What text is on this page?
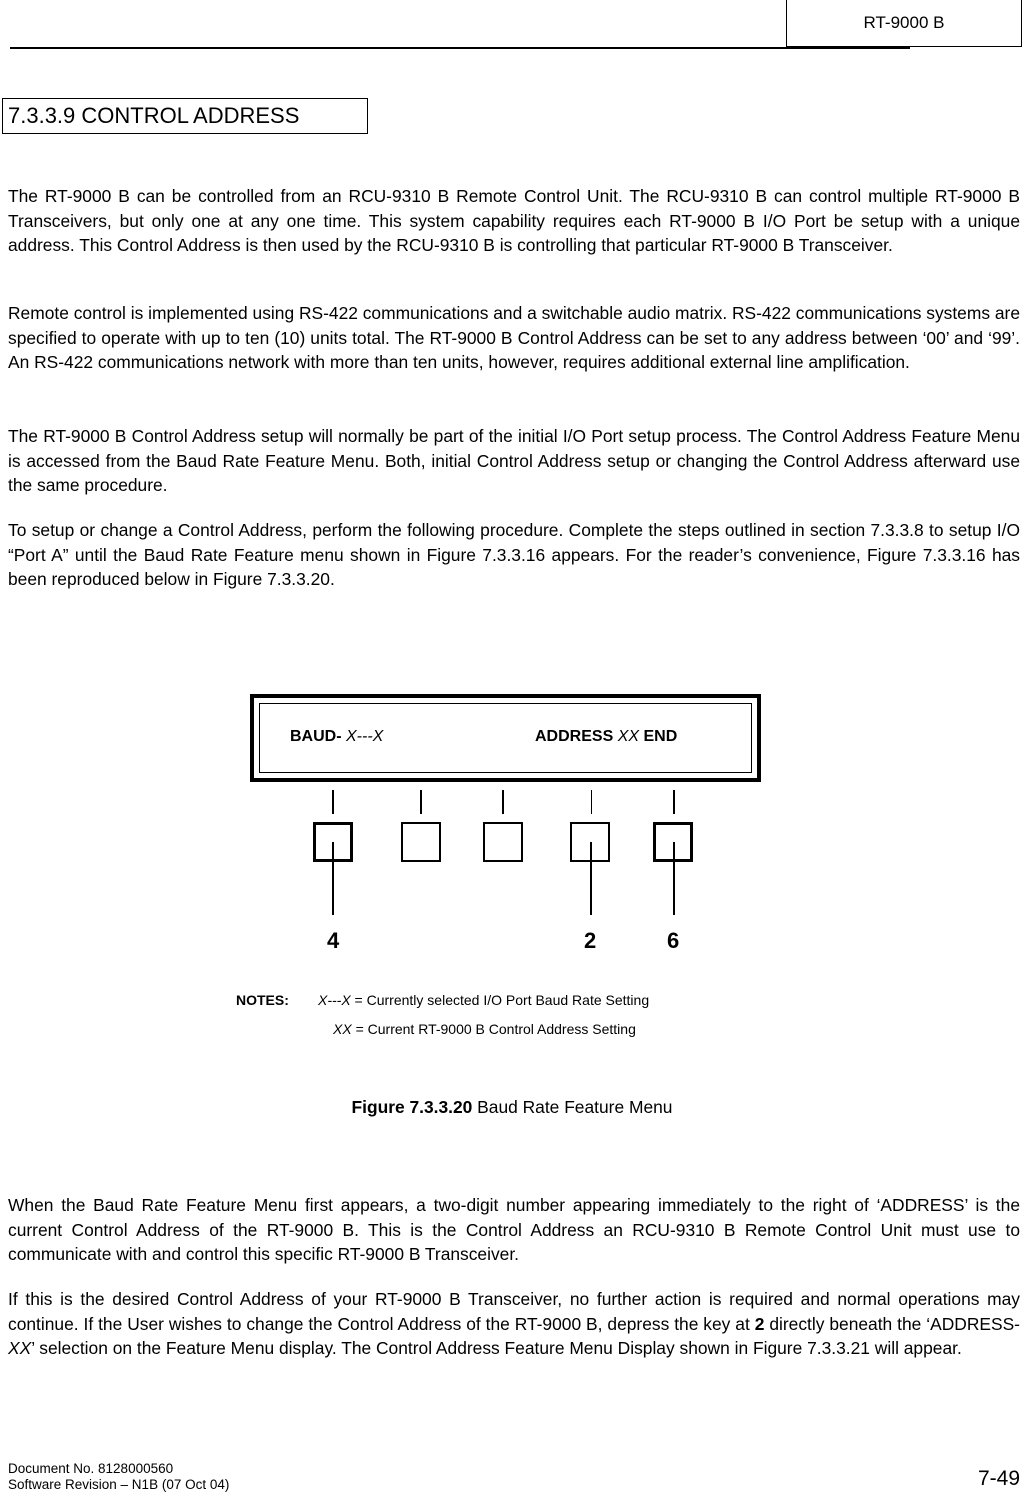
RT-9000 B
7.3.3.9 CONTROL ADDRESS

The RT-9000 B can be controlled from an RCU-9310 B Remote Control Unit. The RCU-9310 B can control multiple RT-9000 B Transceivers, but only one at any one time. This system capability requires each RT-9000 B I/O Port be setup with a unique address. This Control Address is then used by the RCU-9310 B is controlling that particular RT-9000 B Transceiver.

Remote control is implemented using RS-422 communications and a switchable audio matrix. RS-422 communications systems are specified to operate with up to ten (10) units total. The RT-9000 B Control Address can be set to any address between ‘00’ and ‘99’. An RS-422 communications network with more than ten units, however, requires additional external line amplification.

The RT-9000 B Control Address setup will normally be part of the initial I/O Port setup process. The Control Address Feature Menu is accessed from the Baud Rate Feature Menu. Both, initial Control Address setup or changing the Control Address afterward use the same procedure.

To setup or change a Control Address, perform the following procedure. Complete the steps outlined in section 7.3.3.8 to setup I/O “Port A” until the Baud Rate Feature menu shown in Figure 7.3.3.16 appears. For the reader’s convenience, Figure 7.3.3.16 has been reproduced below in Figure 7.3.3.20.

BAUD- X---X	ADDRESS XX END
4	2	6
NOTES: X---X = Currently selected I/O Port Baud Rate Setting
XX = Current RT-9000 B Control Address Setting
Figure 7.3.3.20 Baud Rate Feature Menu

When the Baud Rate Feature Menu first appears, a two-digit number appearing immediately to the right of ‘ADDRESS’ is the current Control Address of the RT-9000 B. This is the Control Address an RCU-9310 B Remote Control Unit must use to communicate with and control this specific RT-9000 B Transceiver.

If this is the desired Control Address of your RT-9000 B Transceiver, no further action is required and normal operations may continue. If the User wishes to change the Control Address of the RT-9000 B, depress the key at 2 directly beneath the ‘ADDRESS-XX’ selection on the Feature Menu display. The Control Address Feature Menu Display shown in Figure 7.3.3.21 will appear.

Document No. 8128000560
Software Revision – N1B (07 Oct 04)	7-49
